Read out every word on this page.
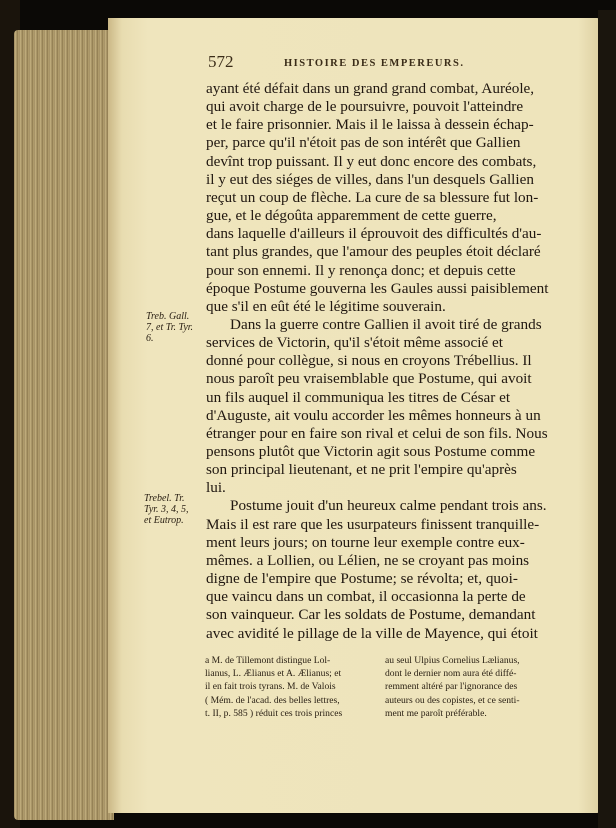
572	HISTOIRE DES EMPEREURS.
ayant été défait dans un grand grand combat, Auréole,
qui avoit charge de le poursuivre, pouvoit l'atteindre
et le faire prisonnier. Mais il le laissa à dessein échap-
per, parce qu'il n'étoit pas de son intérêt que Gallien
devînt trop puissant. Il y eut donc encore des combats,
il y eut des siéges de villes, dans l'un desquels Gallien
reçut un coup de flèche. La cure de sa blessure fut lon-
gue, et le dégoûta apparemment de cette guerre,
dans laquelle d'ailleurs il éprouvoit des difficultés d'au-
tant plus grandes, que l'amour des peuples étoit déclaré
pour son ennemi. Il y renonça donc; et depuis cette
époque Postume gouverna les Gaules aussi paisiblement
que s'il en eût été le légitime souverain.
Dans la guerre contre Gallien il avoit tiré de grands
services de Victorin, qu'il s'étoit même associé et
donné pour collègue, si nous en croyons Trébellius. Il
nous paroît peu vraisemblable que Postume, qui avoit
un fils auquel il communiqua les titres de César et
d'Auguste, ait voulu accorder les mêmes honneurs à un
étranger pour en faire son rival et celui de son fils. Nous
pensons plutôt que Victorin agit sous Postume comme
son principal lieutenant, et ne prit l'empire qu'après
lui.
Postume jouit d'un heureux calme pendant trois ans.
Mais il est rare que les usurpateurs finissent tranquille-
ment leurs jours; on tourne leur exemple contre eux-
mêmes. a Lollien, ou Lélien, ne se croyant pas moins
digne de l'empire que Postume; se révolta; et, quoi-
que vaincu dans un combat, il occasionna la perte de
son vainqueur. Car les soldats de Postume, demandant
avec avidité le pillage de la ville de Mayence, qui étoit
Treb. Gall.
7, et Tr. Tyr.
6.
Trebel. Tr.
Tyr. 3, 4, 5,
et Eutrop.
a M. de Tillemont distingue Lol-
lianus, L. Ælianus et A. Ælianus; et
il en fait trois tyrans. M. de Valois
( Mém. de l'acad. des belles lettres,
t. II, p. 585 ) réduit ces trois princes
au seul Ulpius Cornelius Lælianus,
dont le dernier nom aura été diffé-
remment altéré par l'ignorance des
auteurs ou des copistes, et ce senti-
ment me paroît préférable.
